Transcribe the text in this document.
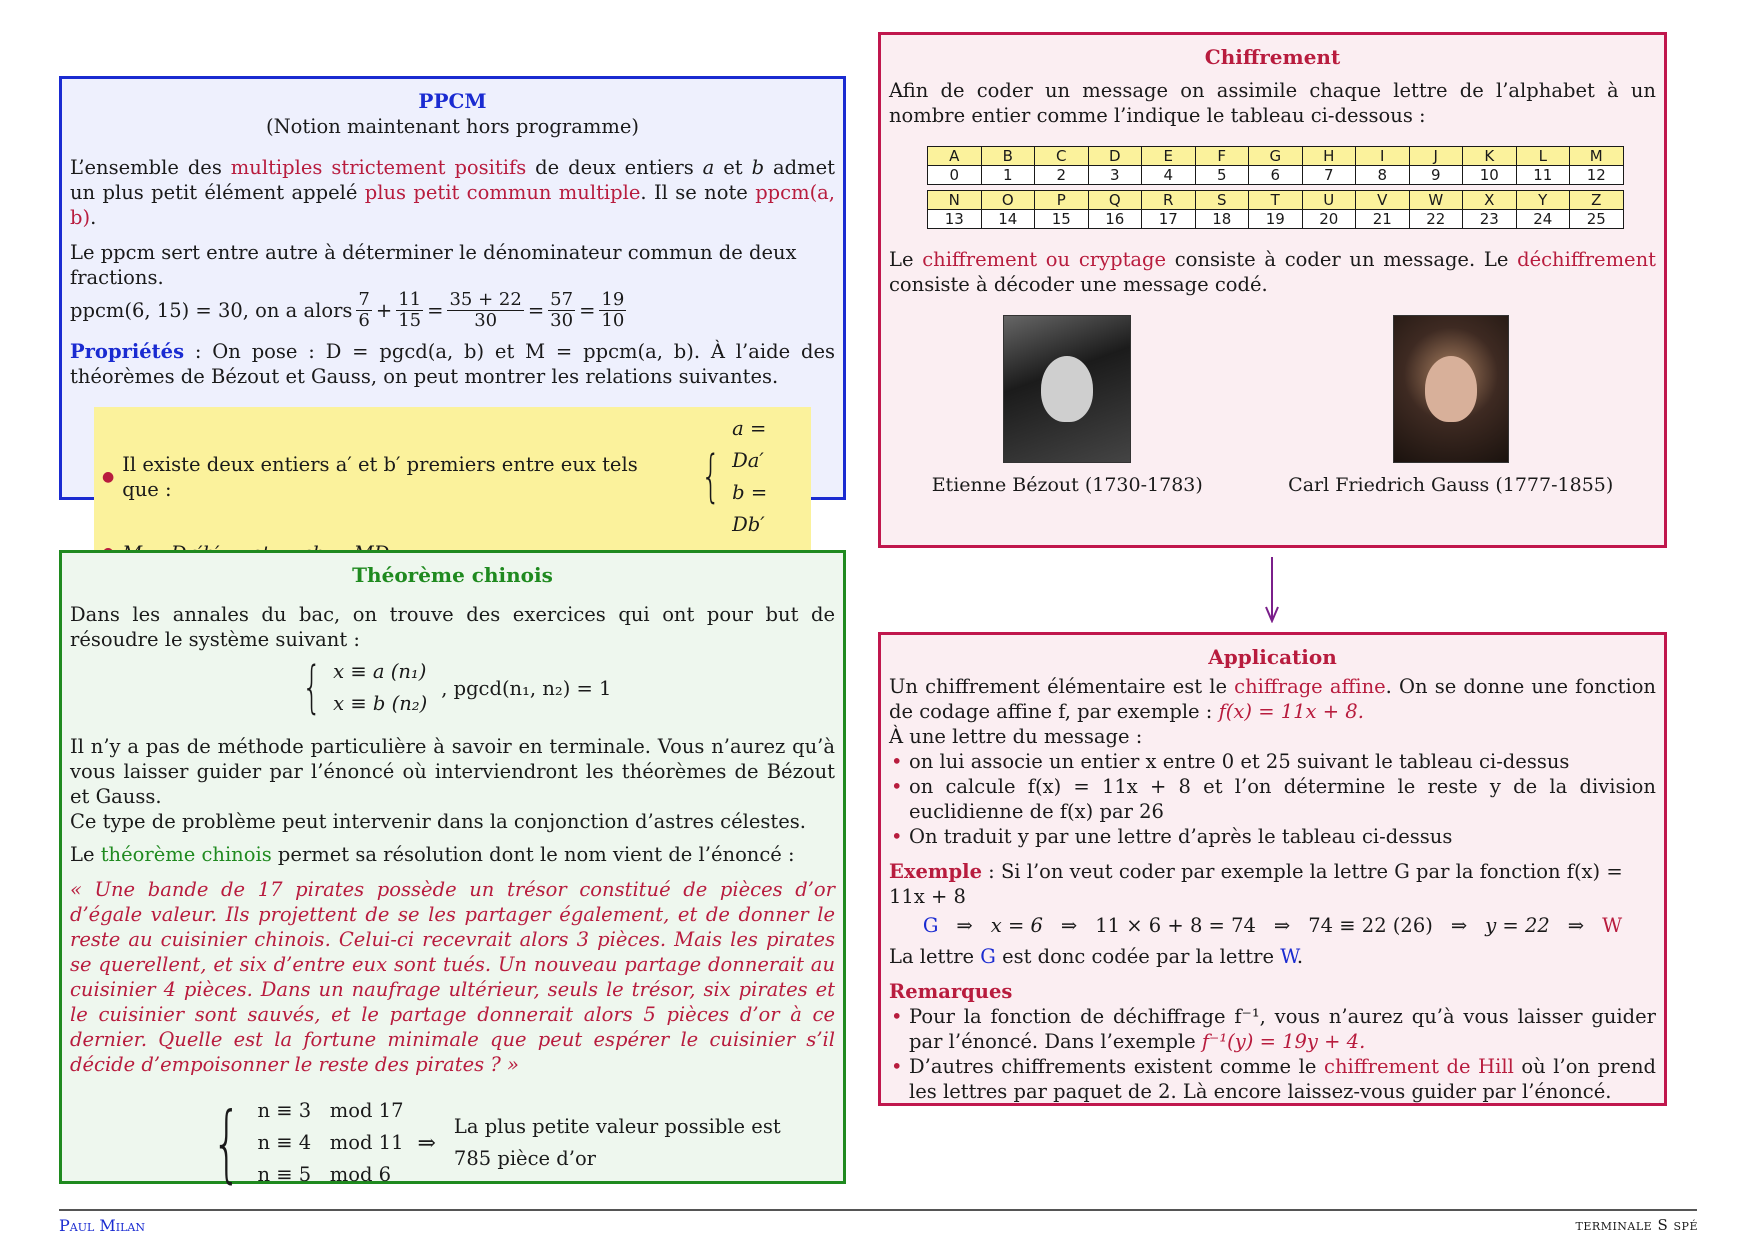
PPCM
(Notion maintenant hors programme)

L’ensemble des multiples strictement positifs de deux entiers a et b admet un plus petit élément appelé plus petit commun multiple. Il se note ppcm(a, b).

Le ppcm sert entre autre à déterminer le dénominateur commun de deux fractions.

ppcm(6, 15) = 30, on a alors $\frac{7}{6} + \frac{11}{15} = \frac{35 + 22}{30} = \frac{57}{30} = \frac{19}{10}$

Propriétés : On pose : D = pgcd(a, b) et M = ppcm(a, b). À l’aide des théorèmes de Bézout et Gauss, on peut montrer les relations suivantes.

●
Il existe deux entiers a′ et b′ premiers entre eux tels que :	{
a = Da′
b = Db′
Théorème chinois

Dans les annales du bac, on trouve des exercices qui ont pour but de résoudre le système suivant :

{ x ≡ a (n₁)
x ≡ b (n₂)
, pgcd(n₁, n₂) = 1

Il n’y a pas de méthode particulière à savoir en terminale. Vous n’aurez qu’à vous laisser guider par l’énoncé où interviendront les théorèmes de Bézout et Gauss.
Ce type de problème peut intervenir dans la conjonction d’astres célestes.

Le théorème chinois permet sa résolution dont le nom vient de l’énoncé :

« Une bande de 17 pirates possède un trésor constitué de pièces d’or d’égale valeur. Ils projettent de se les partager également, et de donner le reste au cuisinier chinois. Celui-ci recevrait alors 3 pièces. Mais les pirates se querellent, et six d’entre eux sont tués. Un nouveau partage donnerait au cuisinier 4 pièces. Dans un naufrage ultérieur, seuls le trésor, six pirates et le cuisinier sont sauvés, et le partage donnerait alors 5 pièces d’or à ce dernier. Quelle est la fortune minimale que peut espérer le cuisinier s’il décide d’empoisonner le reste des pirates ? »

{ n ≡ 3   mod 17
n ≡ 4   mod 11
n ≡ 5   mod 6
⇒
La plus petite valeur possible est
785 pièce d’or
Chiffrement

Afin de coder un message on assimile chaque lettre de l’alphabet à un nombre entier comme l’indique le tableau ci-dessous :

A	B	C	D	E	F	G	H	I	J	K	L	M
0	1	2	3	4	5	6	7	8	9	10	11	12

N	O	P	Q	R	S	T	U	V	W	X	Y	Z
13	14	15	16	17	18	19	20	21	22	23	24	25

Le chiffrement ou cryptage consiste à coder un message. Le déchiffrement consiste à décoder une message codé.

Etienne Bézout (1730-1783)	Carl Friedrich Gauss (1777-1855)
Application

Un chiffrement élémentaire est le chiffrage affine. On se donne une fonction de codage affine f, par exemple : f(x) = 11x + 8.

À une lettre du message :

• on lui associe un entier x entre 0 et 25 suivant le tableau ci-dessus
• on calcule f(x) = 11x + 8 et l’on détermine le reste y de la division euclidienne de f(x) par 26
• On traduit y par une lettre d’après le tableau ci-dessus

Exemple : Si l’on veut coder par exemple la lettre G par la fonction f(x) = 11x + 8

G ⇒ x = 6 ⇒ 11 × 6 + 8 = 74 ⇒ 74 ≡ 22 (26) ⇒ y = 22 ⇒ W

La lettre G est donc codée par la lettre W.

Remarques
• Pour la fonction de déchiffrage f⁻¹, vous n’aurez qu’à vous laisser guider par l’énoncé. Dans l’exemple f⁻¹(y) = 19y + 4.
• D’autres chiffrements existent comme le chiffrement de Hill où l’on prend les lettres par paquet de 2. Là encore laissez-vous guider par l’énoncé.
Paul Milan	terminale S spé
